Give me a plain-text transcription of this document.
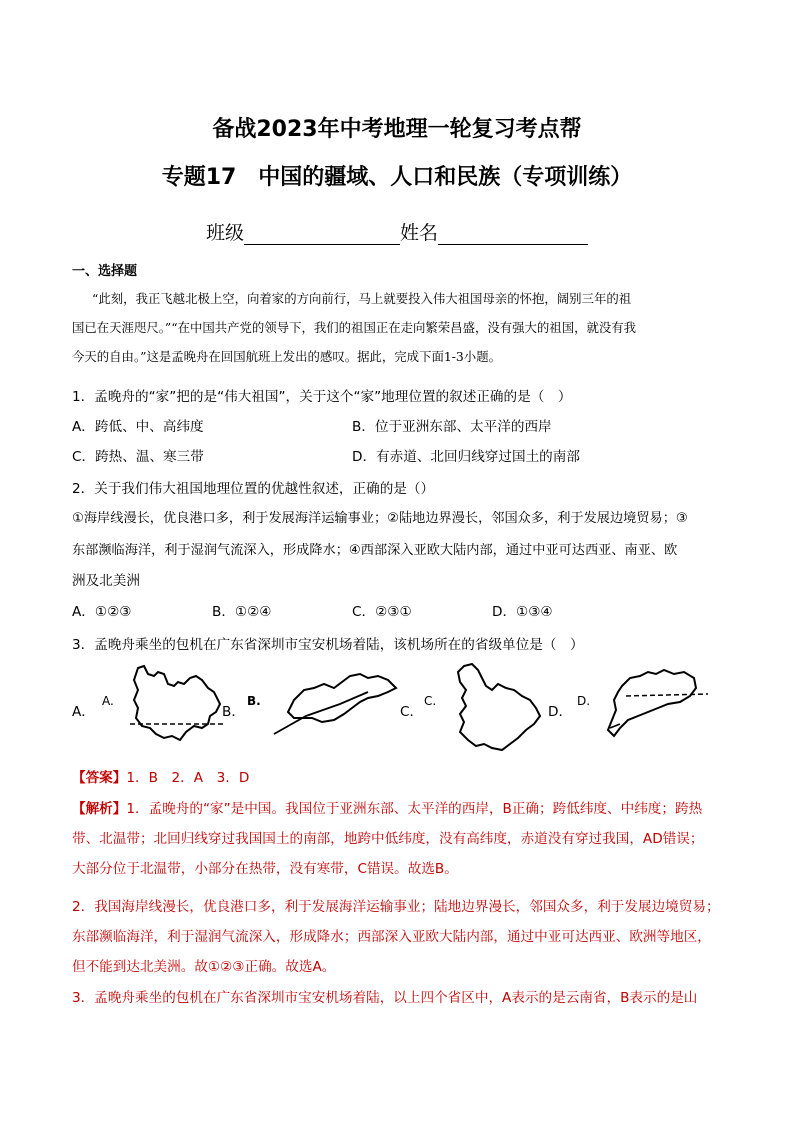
备战2023年中考地理一轮复习考点帮
专题17　中国的疆域、人口和民族（专项训练）
班级	姓名
一、选择题
“此刻，我正飞越北极上空，向着家的方向前行，马上就要投入伟大祖国母亲的怀抱，阔别三年的祖
国已在天涯咫尺。”“在中国共产党的领导下，我们的祖国正在走向繁荣昌盛，没有强大的祖国，就没有我
今天的自由。”这是孟晚舟在回国航班上发出的感叹。据此，完成下面1-3小题。
1．孟晚舟的“家”把的是“伟大祖国”，关于这个“家”地理位置的叙述正确的是（　）
A．跨低、中、高纬度	B．位于亚洲东部、太平洋的西岸
C．跨热、温、寒三带	D．有赤道、北回归线穿过国土的南部
2．关于我们伟大祖国地理位置的优越性叙述，正确的是（）
①海岸线漫长，优良港口多，利于发展海洋运输事业；②陆地边界漫长，邻国众多，利于发展边境贸易；③
东部濒临海洋，利于湿润气流深入，形成降水；④西部深入亚欧大陆内部，通过中亚可达西亚、南亚、欧
洲及北美洲
A．①②③	B．①②④	C．②③①	D．①③④
3．孟晚舟乘坐的包机在广东省深圳市宝安机场着陆，该机场所在的省级单位是（　）
A．
A.
B．
B.
C．
C.
D．
D.
【答案】1．B　2．A　3．D
【解析】1．孟晚舟的“家”是中国。我国位于亚洲东部、太平洋的西岸，B正确；跨低纬度、中纬度；跨热
带、北温带；北回归线穿过我国国土的南部，地跨中低纬度，没有高纬度，赤道没有穿过我国，AD错误；
大部分位于北温带，小部分在热带，没有寒带，C错误。故选B。
2．我国海岸线漫长，优良港口多，利于发展海洋运输事业；陆地边界漫长，邻国众多，利于发展边境贸易；
东部濒临海洋，利于湿润气流深入，形成降水；西部深入亚欧大陆内部，通过中亚可达西亚、欧洲等地区，
但不能到达北美洲。故①②③正确。故选A。
3．孟晚舟乘坐的包机在广东省深圳市宝安机场着陆，以上四个省区中，A表示的是云南省，B表示的是山
